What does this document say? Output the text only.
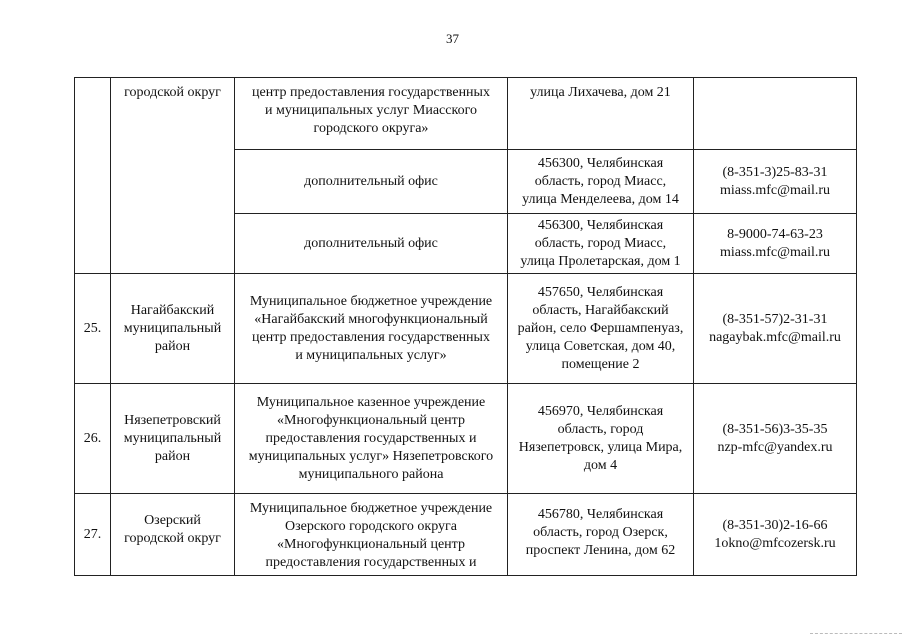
37

	городской округ	центр предоставления государственных
и муниципальных услуг Миасского
городского округа»	улица Лихачева, дом 21	

		дополнительный офис	456300, Челябинская
область, город Миасс,
улица Менделеева, дом 14	(8-351-3)25-83-31
miass.mfc@mail.ru

		дополнительный офис	456300, Челябинская
область, город Миасс,
улица Пролетарская, дом 1	8-9000-74-63-23
miass.mfc@mail.ru

25.	Нагайбакский
муниципальный
район	Муниципальное бюджетное учреждение
«Нагайбакский многофункциональный
центр предоставления государственных
и муниципальных услуг»	457650, Челябинская
область, Нагайбакский
район, село Фершампенуаз,
улица Советская, дом 40,
помещение 2	(8-351-57)2-31-31
nagaybak.mfc@mail.ru

26.	Нязепетровский
муниципальный
район	Муниципальное казенное учреждение
«Многофункциональный центр
предоставления государственных и
муниципальных услуг» Нязепетровского
муниципального района	456970, Челябинская
область, город
Нязепетровск, улица Мира,
дом 4	(8-351-56)3-35-35
nzp-mfc@yandex.ru

27.	Озерский
городской округ	Муниципальное бюджетное учреждение
Озерского городского округа
«Многофункциональный центр
предоставления государственных и	456780, Челябинская
область, город Озерск,
проспект Ленина, дом 62	(8-351-30)2-16-66
1okno@mfcozersk.ru
